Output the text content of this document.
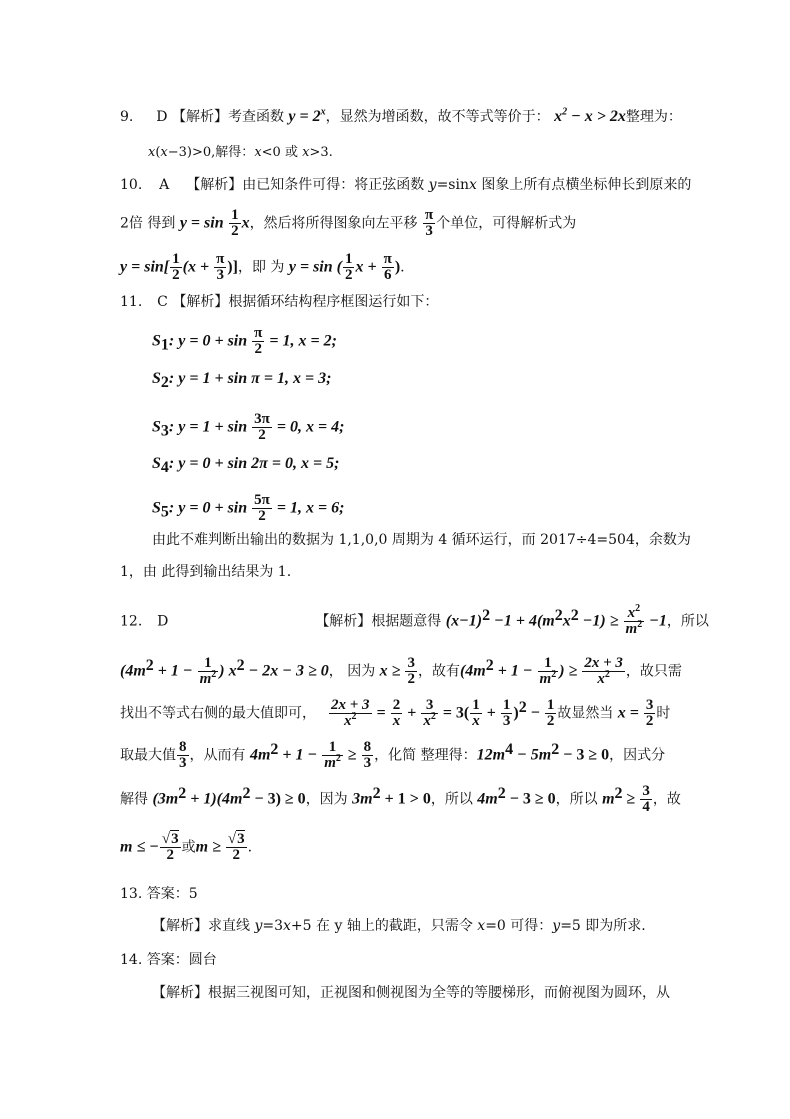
9. D 【解析】考查函数 $y = 2^x$，显然为增函数，故不等式等价于： $x^2 - x > 2x$整理为：
x(x−3)>0,解得：x<0 或 x>3.
10. A 【解析】由已知条件可得：将正弦函数 y=sinx 图象上所有点横坐标伸长到原来的
2倍 得到 $y = \sin \frac{1}{2}$ x，然后将所得图象向左平移 $\frac{\pi}{3}$ 个单位，可得解析式为
$y = \sin[ \frac{1}{2} (x + \frac{\pi}{3}$ )]，即 为 y = sin ( $\frac{1}{2}$ $x + \frac{\pi}{6}$ ).
11. C 【解析】根据循环结构程序框图运行如下：
$S_1$: $y = 0 + \sin \frac{\pi}{2} = 1$, x = 2;
$S_2$: y = 1 + sin π = 1, x = 3;
$S_3$: $y = 1 + \sin \frac{3\pi}{2} = 0$, x = 4;
$S_4$: y = 0 + sin 2π = 0, x = 5;
$S_5$: $y = 0 + \sin \frac{5\pi}{2} = 1$, x = 6;
由此不难判断出输出的数据为 1,1,0,0 周期为 4 循环运行，而 2017÷4=504，余数为
1，由 此得到输出结果为 1.
12. D	【解析】根据题意得 $(x-1)^2 -1 + 4(m^2x^2 -1) \ge \frac{x^2}{m^2} -1$，所以
($4m^2 + 1 - \frac{1}{m^2}$ ) $x^2 - 2x - 3 \ge 0$， 因为 $x \ge \frac{3}{2}$ ，故有($4m^2 + 1 - \frac{1}{m^2}$ ) ≥ $\frac{2x + 3}{x^2}$ ，故只需
找出不等式右侧的最大值即可， $\frac{2x + 3}{x^2} = \frac{2}{x} + \frac{3}{x^2} = 3( \frac{1}{x} + \frac{1}{3} )^2 - \frac{1}{2}$ 故显然当 $x = \frac{3}{2}$ 时
取最大值 $\frac{8}{3}$ ，从而有 $4m^2 + 1 - \frac{1}{m^2} \ge \frac{8}{3}$ ，化简 整理得：$12m^4 - 5m^2 - 3 \ge 0$，因式分
解得 $(3m^2 + 1)(4m^2 - 3) \ge 0$，因为 $3m^2 + 1 > 0$，所以 $4m^2 - 3 \ge 0$，所以 $m^2 \ge \frac{3}{4}$ ，故
m ≤ − $\frac{√3}{2}$ 或$m \ge \frac{√3}{2}$ .
13. 答案：5
【解析】求直线 y=3x+5 在 y 轴上的截距，只需令 x=0 可得：y=5 即为所求.
14. 答案：圆台
【解析】根据三视图可知，正视图和侧视图为全等的等腰梯形，而俯视图为圆环，从
